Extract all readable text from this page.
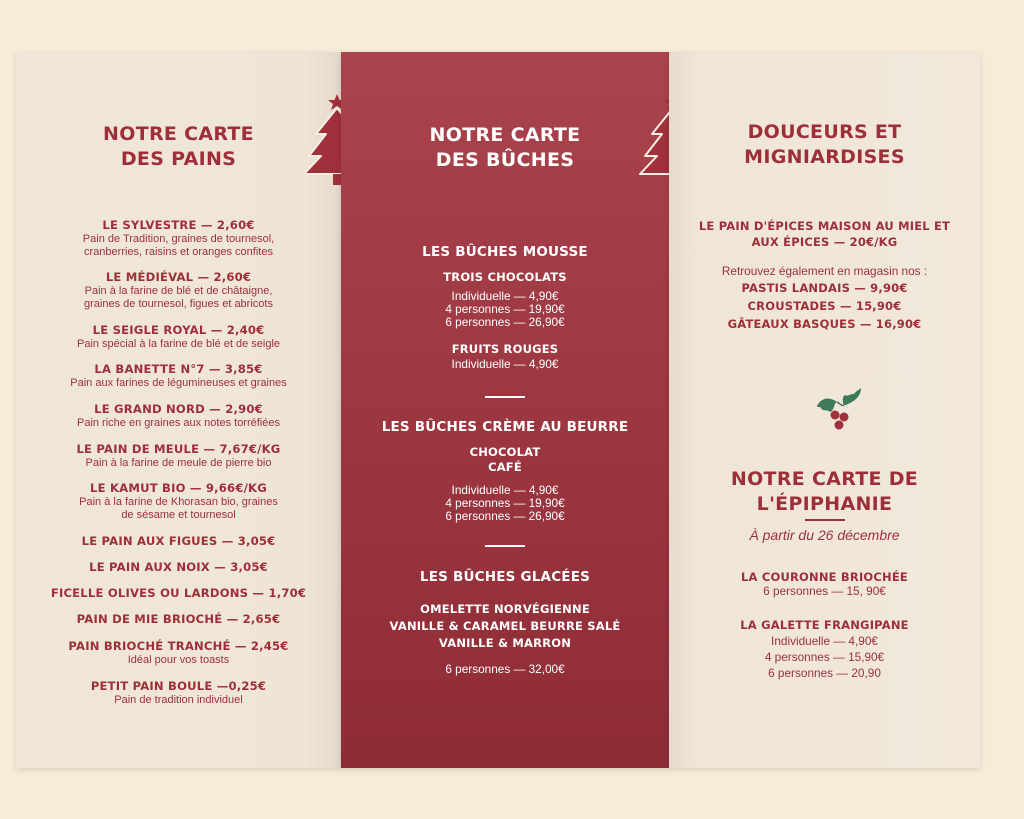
NOTRE CARTE
DES PAINS
LE SYLVESTRE — 2,60€
Pain de Tradition, graines de tournesol,
cranberries, raisins et oranges confites
LE MÉDIÉVAL — 2,60€
Pain à la farine de blé et de châtaigne,
graines de tournesol, figues et abricots
LE SEIGLE ROYAL — 2,40€
Pain spécial à la farine de blé et de seigle
LA BANETTE N°7 — 3,85€
Pain aux farines de légumineuses et graines
LE GRAND NORD — 2,90€
Pain riche en graines aux notes torréfiées
LE PAIN DE MEULE — 7,67€/KG
Pain à la farine de meule de pierre bio
LE KAMUT BIO — 9,66€/KG
Pain à la farine de Khorasan bio, graines
de sésame et tournesol
LE PAIN AUX FIGUES — 3,05€
LE PAIN AUX NOIX — 3,05€
FICELLE OLIVES OU LARDONS — 1,70€
PAIN DE MIE BRIOCHÉ — 2,65€
PAIN BRIOCHÉ TRANCHÉ — 2,45€
Idéal pour vos toasts
PETIT PAIN BOULE —0,25€
Pain de tradition individuel
NOTRE CARTE
DES BÛCHES
LES BÛCHES MOUSSE
TROIS CHOCOLATS
Individuelle — 4,90€
4 personnes — 19,90€
6 personnes — 26,90€
FRUITS ROUGES
Individuelle — 4,90€
LES BÛCHES CRÈME AU BEURRE
CHOCOLAT
CAFÉ
Individuelle — 4,90€
4 personnes — 19,90€
6 personnes — 26,90€
LES BÛCHES GLACÉES
OMELETTE NORVÉGIENNE
VANILLE & CARAMEL BEURRE SALÉ
VANILLE & MARRON
6 personnes — 32,00€
DOUCEURS ET
MIGNIARDISES
LE PAIN D'ÉPICES MAISON AU MIEL ET
AUX ÉPICES — 20€/KG
Retrouvez également en magasin nos :
PASTIS LANDAIS — 9,90€
CROUSTADES — 15,90€
GÂTEAUX BASQUES — 16,90€
NOTRE CARTE DE
L'ÉPIPHANIE
À partir du 26 décembre
LA COURONNE BRIOCHÉE
6 personnes — 15, 90€
LA GALETTE FRANGIPANE
Individuelle — 4,90€
4 personnes — 15,90€
6 personnes — 20,90
